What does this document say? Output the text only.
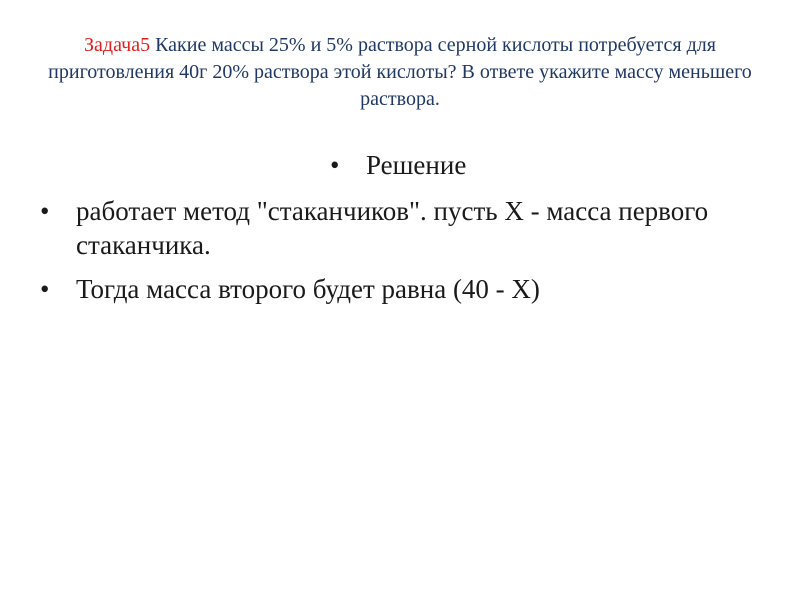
Задача5 Какие массы 25% и 5% раствора серной кислоты потребуется для приготовления 40г 20% раствора этой кислоты? В ответе укажите массу меньшего раствора.
• Решение
• работает метод "стаканчиков". пусть X - масса первого стаканчика.
• Тогда масса второго будет равна (40 - X)
